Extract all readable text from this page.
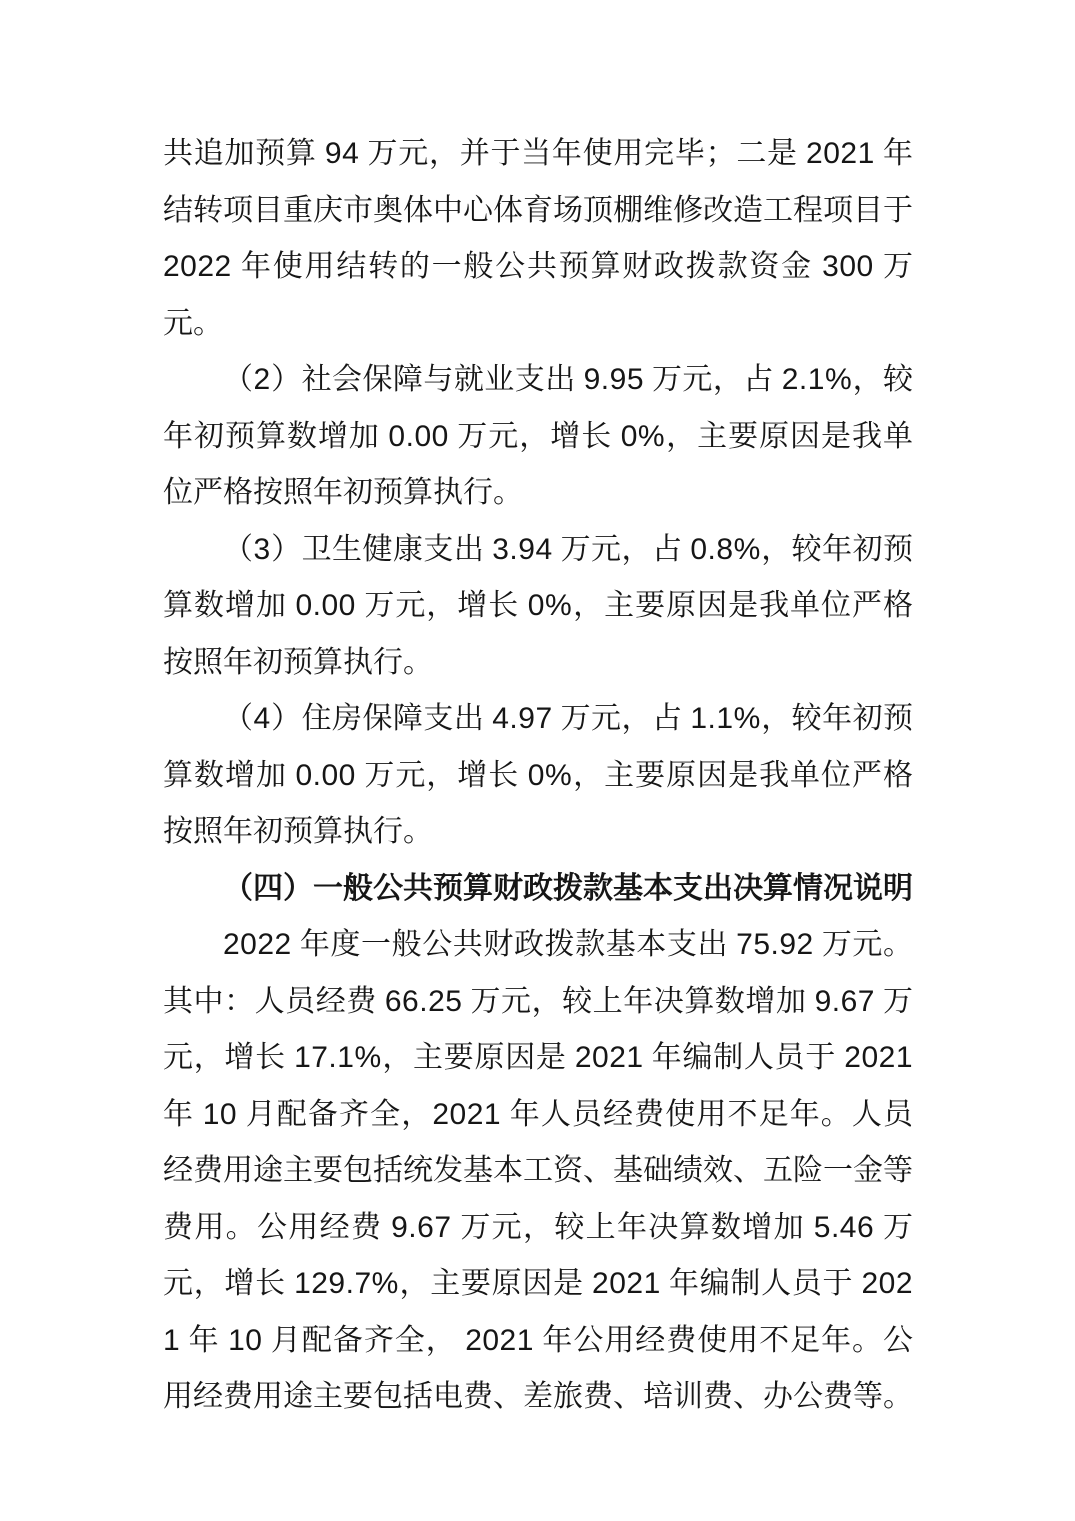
共追加预算 94 万元，并于当年使用完毕；二是 2021 年结转项目重庆市奥体中心体育场顶棚维修改造工程项目于 2022 年使用结转的一般公共预算财政拨款资金 300 万元。

（2）社会保障与就业支出 9.95 万元，占 2.1%，较年初预算数增加 0.00 万元，增长 0%，主要原因是我单位严格按照年初预算执行。

（3）卫生健康支出 3.94 万元，占 0.8%，较年初预算数增加 0.00 万元，增长 0%，主要原因是我单位严格按照年初预算执行。

（4）住房保障支出 4.97 万元，占 1.1%，较年初预算数增加 0.00 万元，增长 0%，主要原因是我单位严格按照年初预算执行。

（四）一般公共预算财政拨款基本支出决算情况说明

2022 年度一般公共财政拨款基本支出 75.92 万元。其中：人员经费 66.25 万元，较上年决算数增加 9.67 万元，增长 17.1%，主要原因是 2021 年编制人员于 2021 年 10 月配备齐全，2021 年人员经费使用不足年。人员经费用途主要包括统发基本工资、基础绩效、五险一金等费用。公用经费 9.67 万元，较上年决算数增加 5.46 万元，增长 129.7%，主要原因是 2021 年编制人员于 2021 年 10 月配备齐全， 2021 年公用经费使用不足年。公用经费用途主要包括电费、差旅费、培训费、办公费等。
